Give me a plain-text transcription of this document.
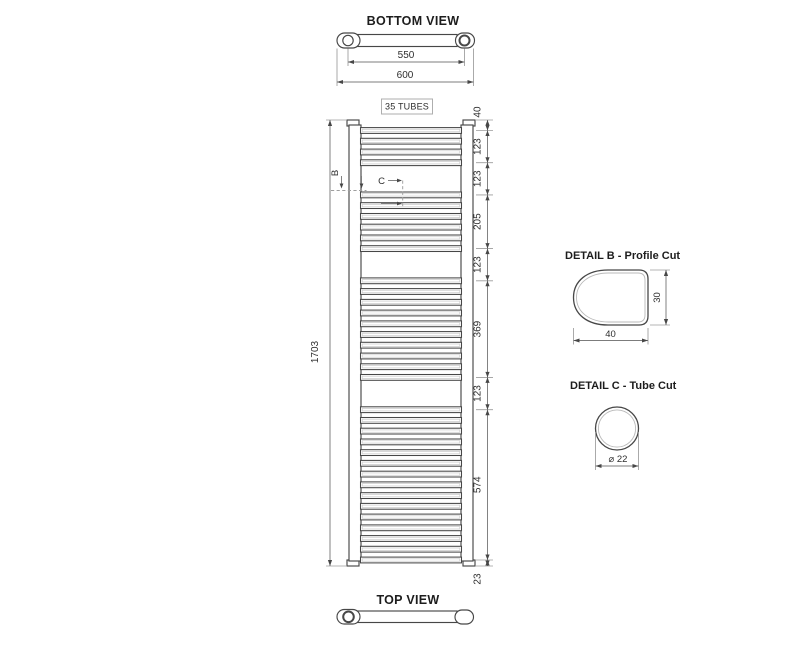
BOTTOM VIEW
550
600
35 TUBES
1703
40
123
123
205
123
369
123
574
23
B
C
DETAIL B - Profile Cut
30
40
DETAIL C - Tube Cut
⌀ 22
TOP VIEW
